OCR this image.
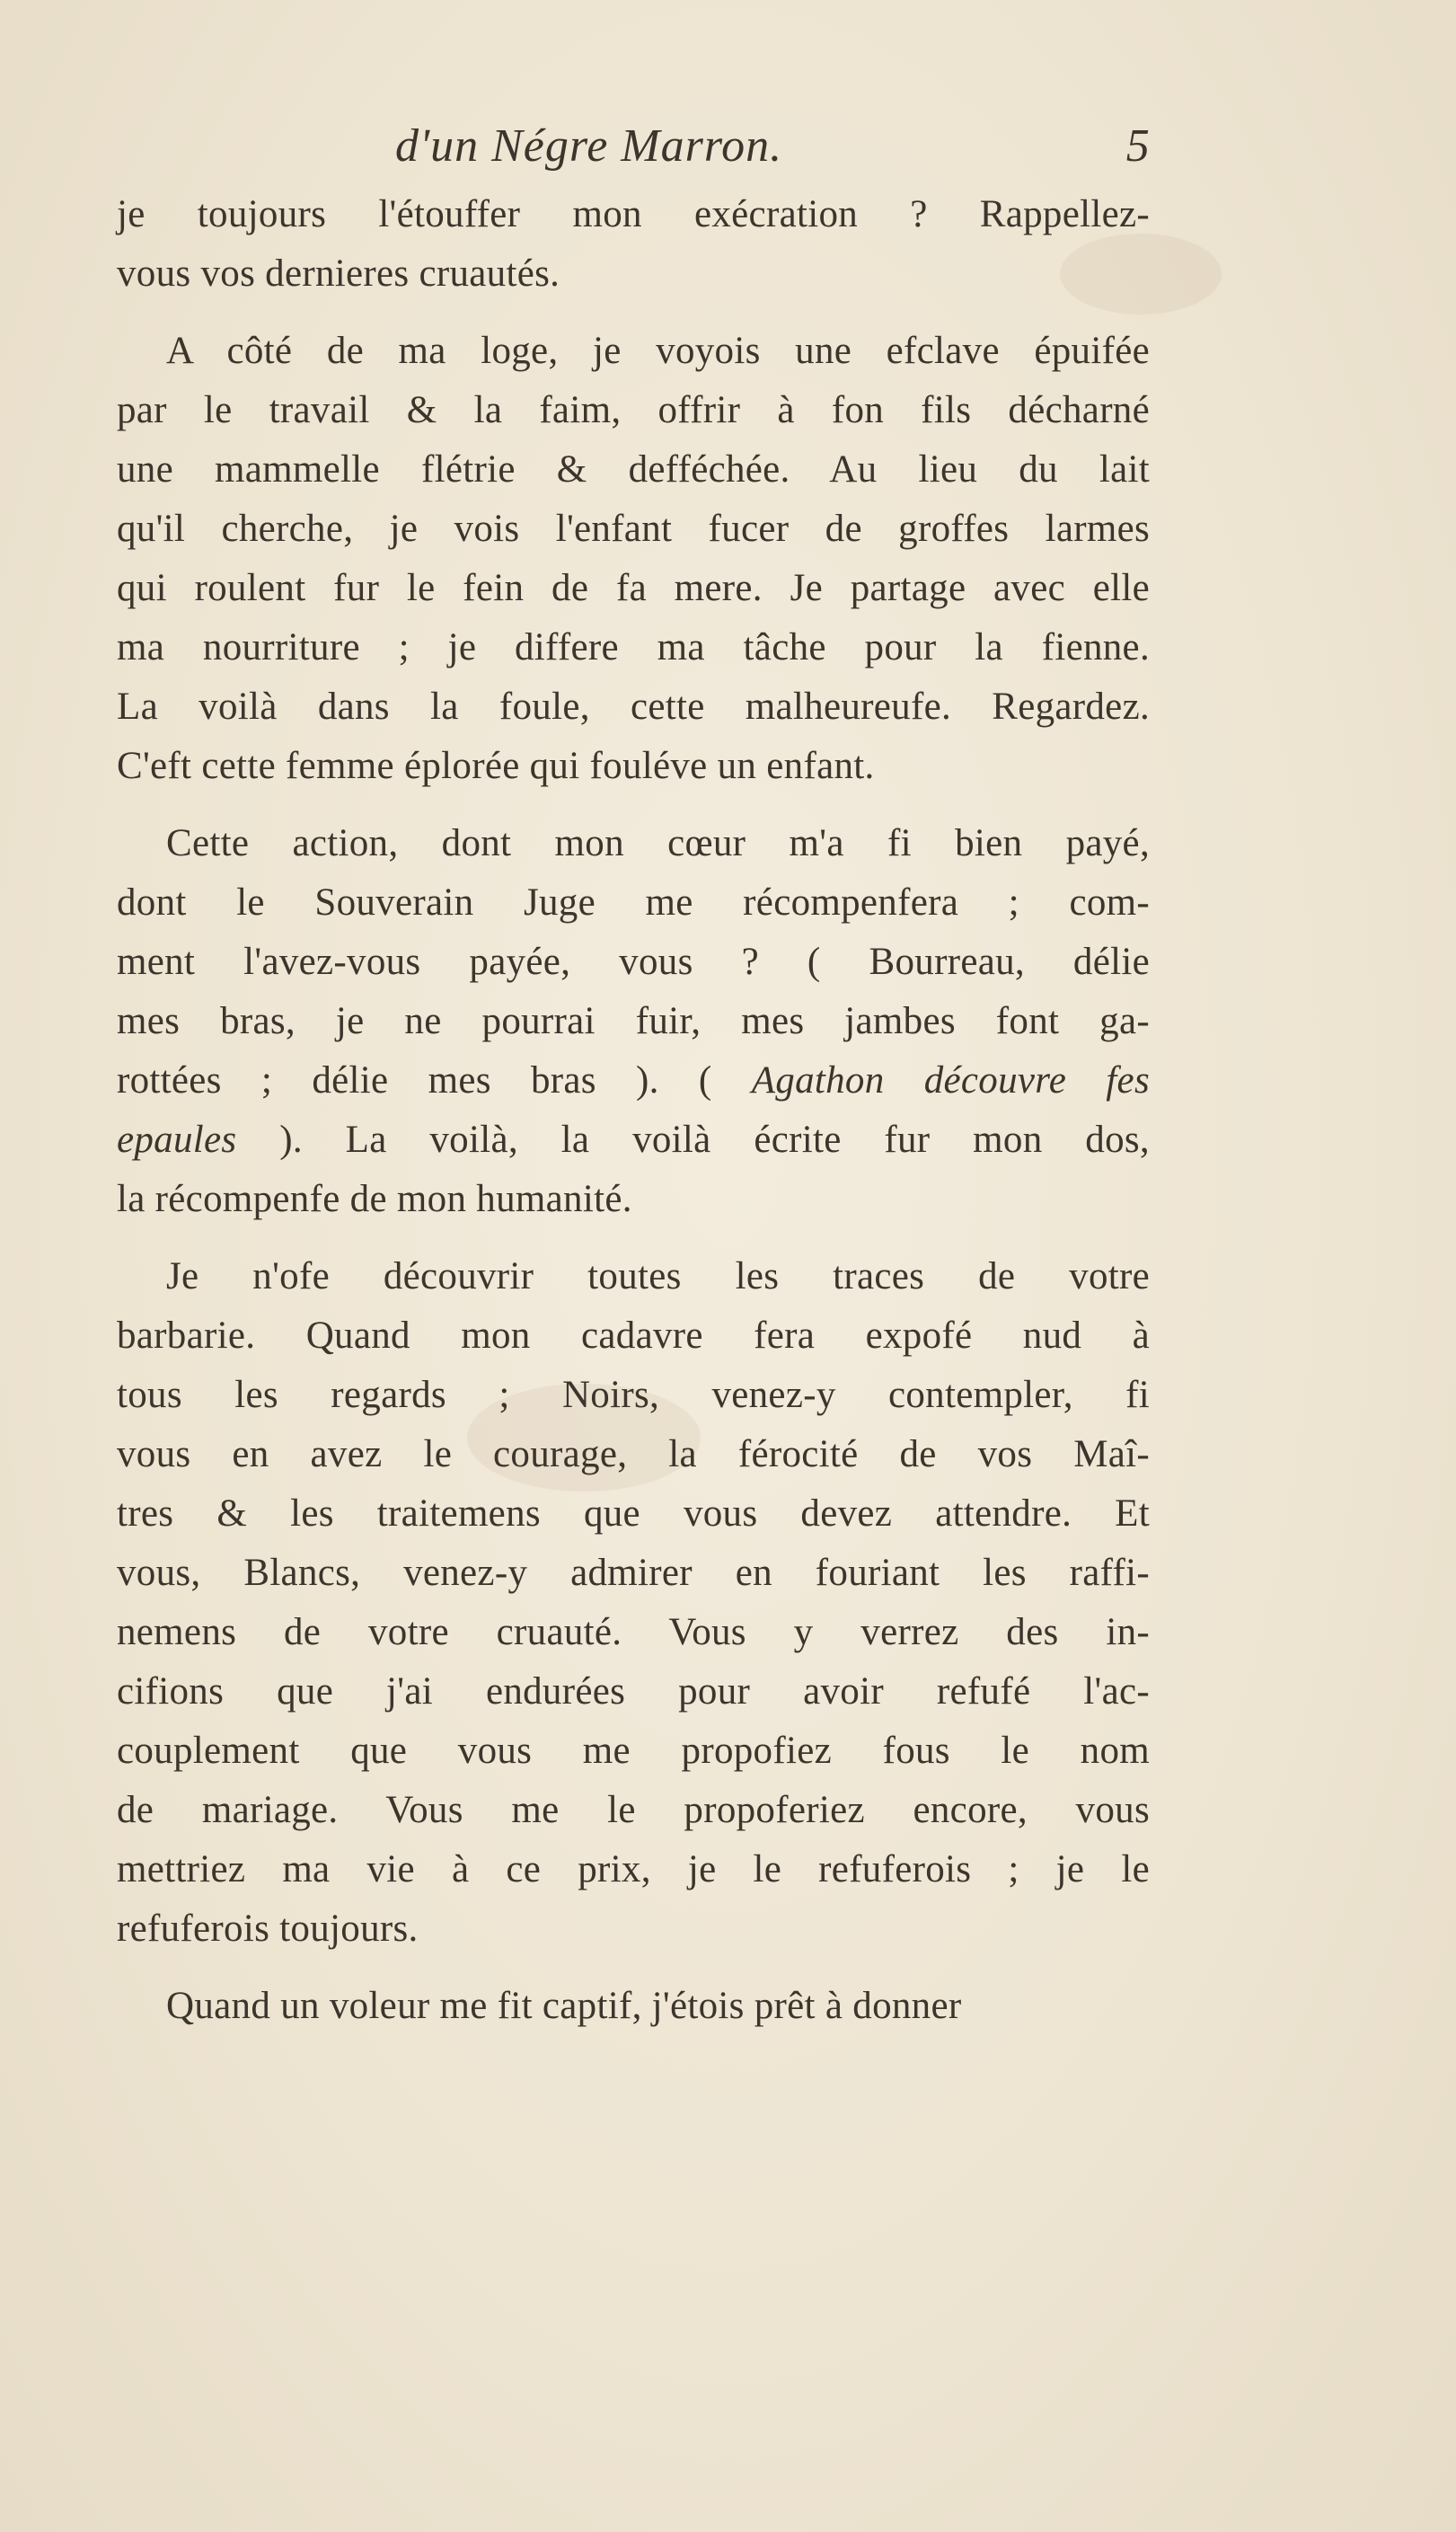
d'un Négre Marron.	5
je toujours l'étouffer mon exécration ? Rappellez-
vous vos dernieres cruautés.
A côté de ma loge, je voyois une efclave épuifée
par le travail & la faim, offrir à fon fils décharné
une mammelle flétrie & defféchée. Au lieu du lait
qu'il cherche, je vois l'enfant fucer de groffes larmes
qui roulent fur le fein de fa mere. Je partage avec elle
ma nourriture ; je differe ma tâche pour la fienne.
La voilà dans la foule, cette malheureufe. Regardez.
C'eft cette femme éplorée qui fouléve un enfant.
Cette action, dont mon cœur m'a fi bien payé,
dont le Souverain Juge me récompenfera ; com-
ment l'avez-vous payée, vous ? ( Bourreau, délie
mes bras, je ne pourrai fuir, mes jambes font ga-
rottées ; délie mes bras ). ( Agathon découvre fes
epaules ). La voilà, la voilà écrite fur mon dos,
la récompenfe de mon humanité.
Je n'ofe découvrir toutes les traces de votre
barbarie. Quand mon cadavre fera expofé nud à
tous les regards ; Noirs, venez-y contempler, fi
vous en avez le courage, la férocité de vos Maî-
tres & les traitemens que vous devez attendre. Et
vous, Blancs, venez-y admirer en fouriant les raffi-
nemens de votre cruauté. Vous y verrez des in-
cifions que j'ai endurées pour avoir refufé l'ac-
couplement que vous me propofiez fous le nom
de mariage. Vous me le propoferiez encore, vous
mettriez ma vie à ce prix, je le refuferois ; je le
refuferois toujours.
Quand un voleur me fit captif, j'étois prêt à donner
